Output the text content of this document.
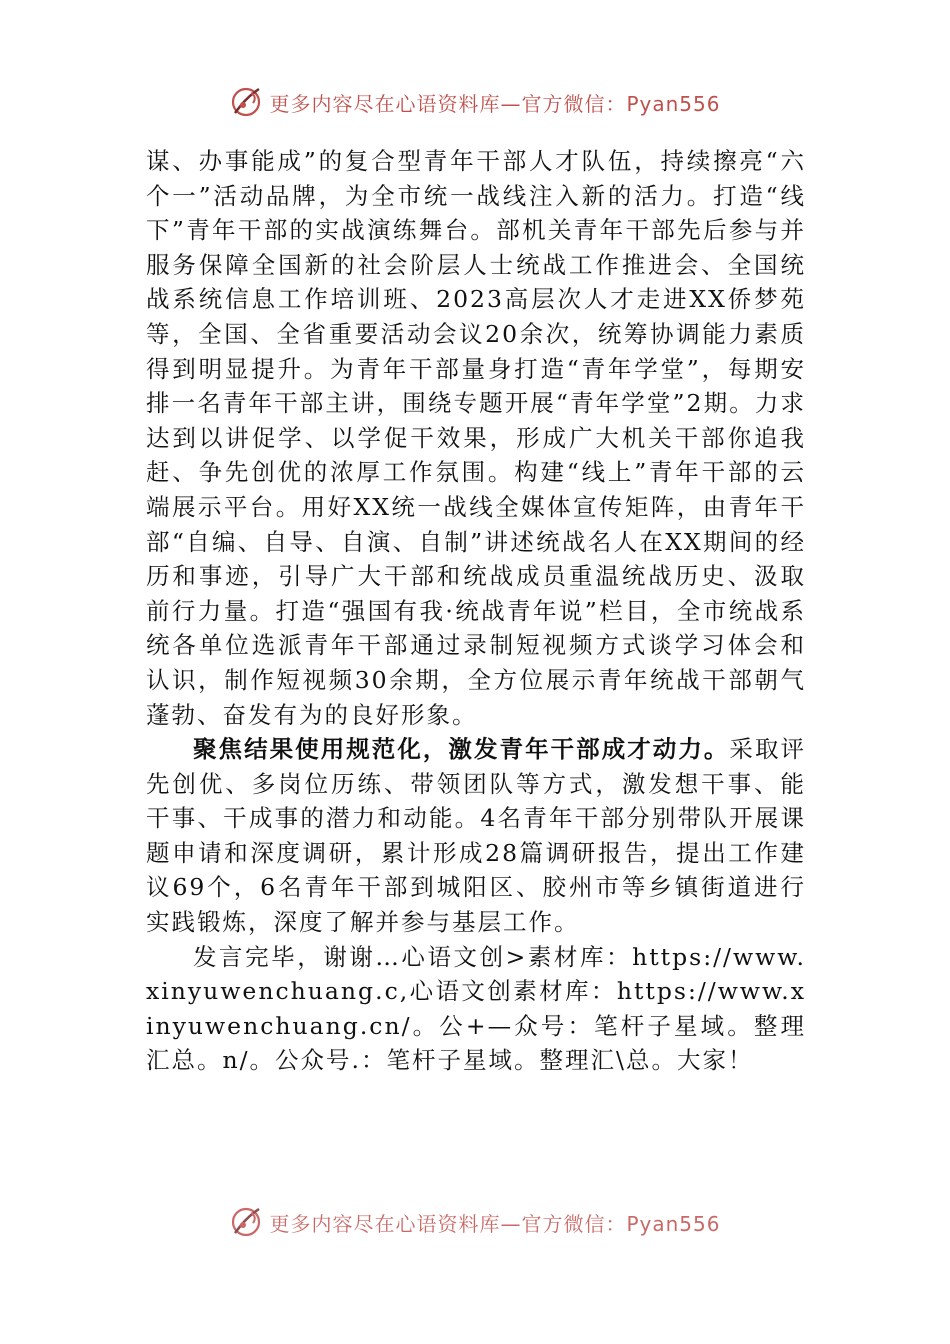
更多内容尽在心语资料库—官方微信：Pyan556

谋、办事能成”的复合型青年干部人才队伍，持续擦亮“六个一”活动品牌，为全市统一战线注入新的活力。打造“线下”青年干部的实战演练舞台。部机关青年干部先后参与并服务保障全国新的社会阶层人士统战工作推进会、全国统战系统信息工作培训班、2023高层次人才走进XX侨梦苑等，全国、全省重要活动会议20余次，统筹协调能力素质得到明显提升。为青年干部量身打造“青年学堂”，每期安排一名青年干部主讲，围绕专题开展“青年学堂”2期。力求达到以讲促学、以学促干效果，形成广大机关干部你追我赶、争先创优的浓厚工作氛围。构建“线上”青年干部的云端展示平台。用好XX统一战线全媒体宣传矩阵，由青年干部“自编、自导、自演、自制”讲述统战名人在XX期间的经历和事迹，引导广大干部和统战成员重温统战历史、汲取前行力量。打造“强国有我·统战青年说”栏目，全市统战系统各单位选派青年干部通过录制短视频方式谈学习体会和认识，制作短视频30余期，全方位展示青年统战干部朝气蓬勃、奋发有为的良好形象。

聚焦结果使用规范化，激发青年干部成才动力。采取评先创优、多岗位历练、带领团队等方式，激发想干事、能干事、干成事的潜力和动能。4名青年干部分别带队开展课题申请和深度调研，累计形成28篇调研报告，提出工作建议69个，6名青年干部到城阳区、胶州市等乡镇街道进行实践锻炼，深度了解并参与基层工作。

发言完毕，谢谢…心语文创>素材库：https://www.xinyuwenchuang.c,心语文创素材库：https://www.xinyuwenchuang.cn/。公+—众号：笔杆子星域。整理汇总。n/。公众号.：笔杆子星域。整理汇\总。大家！

更多内容尽在心语资料库—官方微信：Pyan556
